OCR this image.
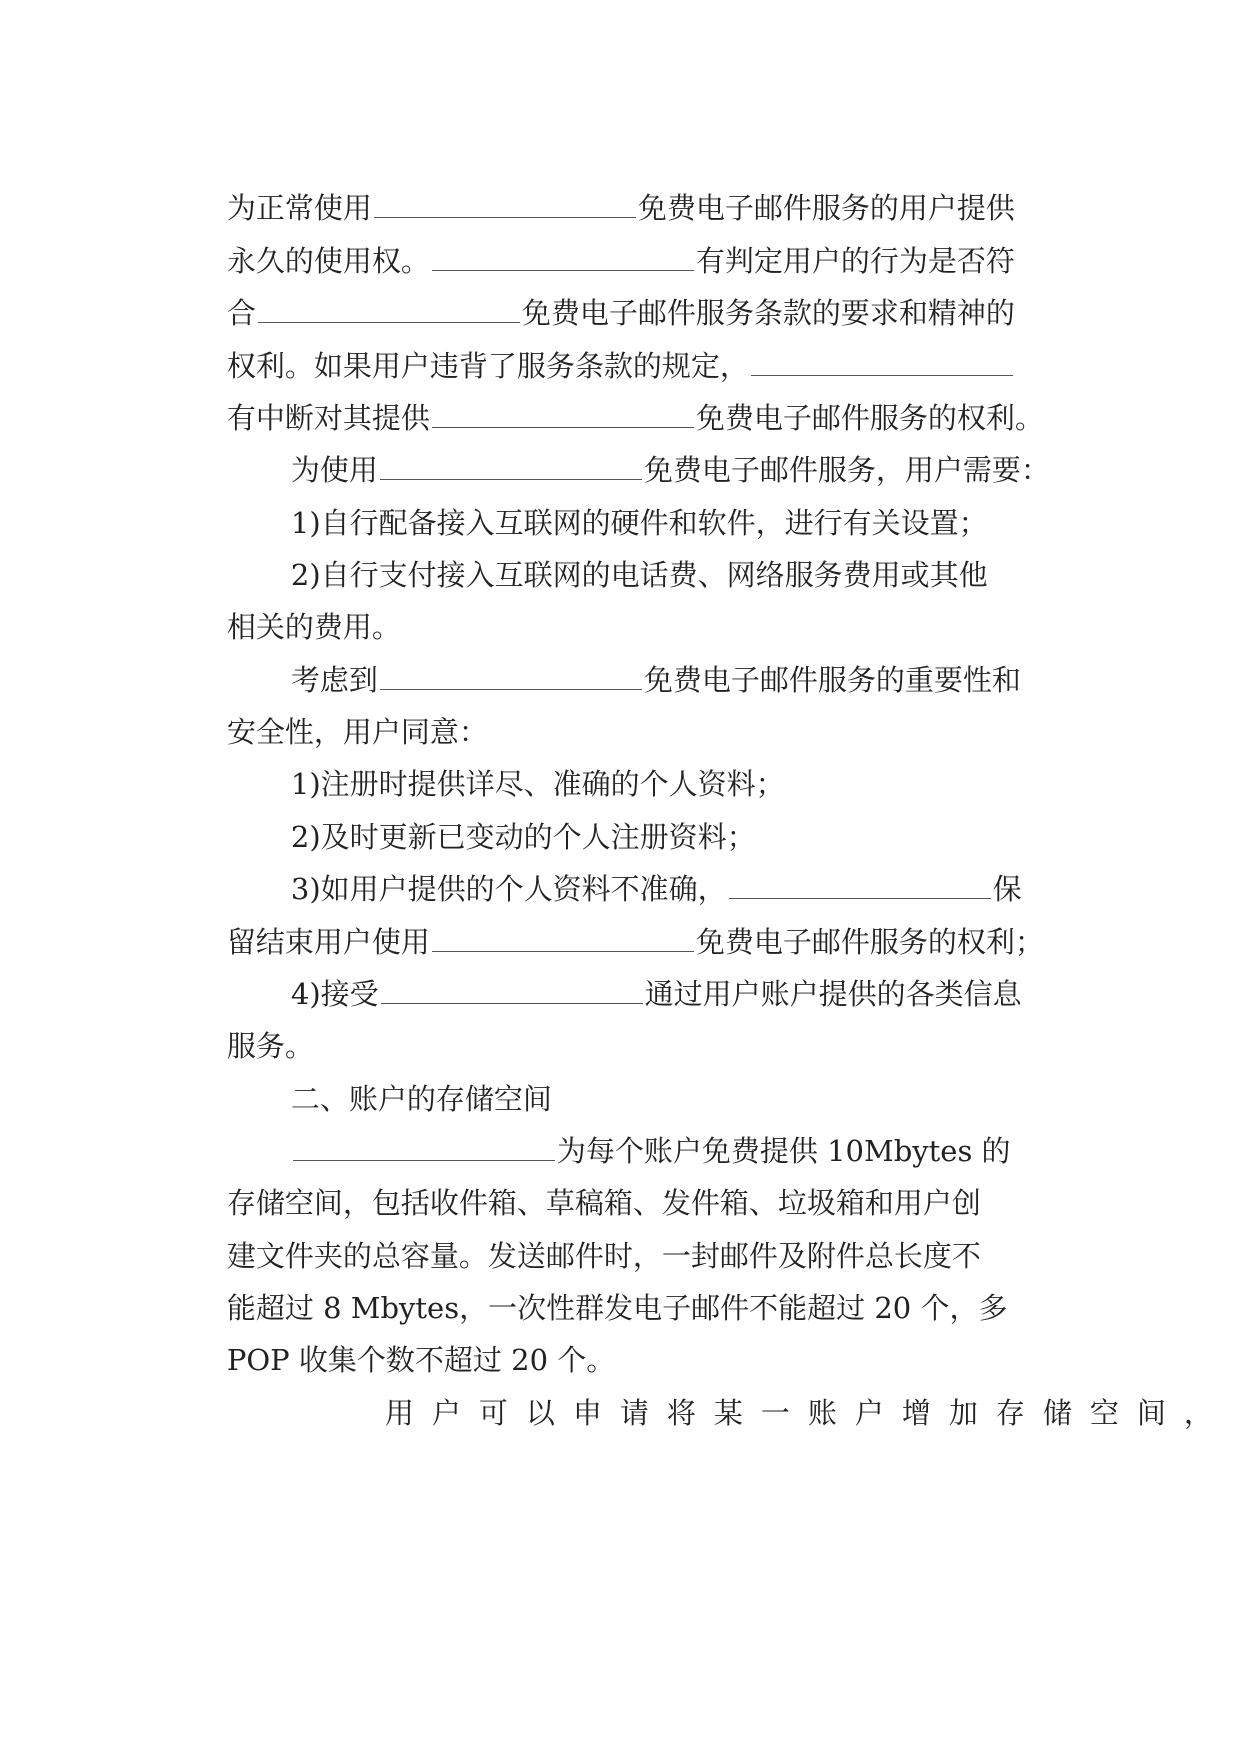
为正常使用	免费电子邮件服务的用户提供

永久的使用权。	有判定用户的行为是否符

合	免费电子邮件服务条款的要求和精神的

权利。如果用户违背了服务条款的规定，

有中断对其提供	免费电子邮件服务的权利。

为使用	免费电子邮件服务，用户需要：

1)自行配备接入互联网的硬件和软件，进行有关设置；

2)自行支付接入互联网的电话费、网络服务费用或其他

相关的费用。

考虑到	免费电子邮件服务的重要性和

安全性，用户同意：

1)注册时提供详尽、准确的个人资料；

2)及时更新已变动的个人注册资料；

3)如用户提供的个人资料不准确，	保

留结束用户使用	免费电子邮件服务的权利；

4)接受	通过用户账户提供的各类信息

服务。

二、账户的存储空间

为每个账户免费提供 10Mbytes 的

存储空间，包括收件箱、草稿箱、发件箱、垃圾箱和用户创

建文件夹的总容量。发送邮件时，一封邮件及附件总长度不

能超过 8 Mbytes，一次性群发电子邮件不能超过 20 个，多

POP 收集个数不超过 20 个。

用户可以申请将某一账户增加存储空间，
